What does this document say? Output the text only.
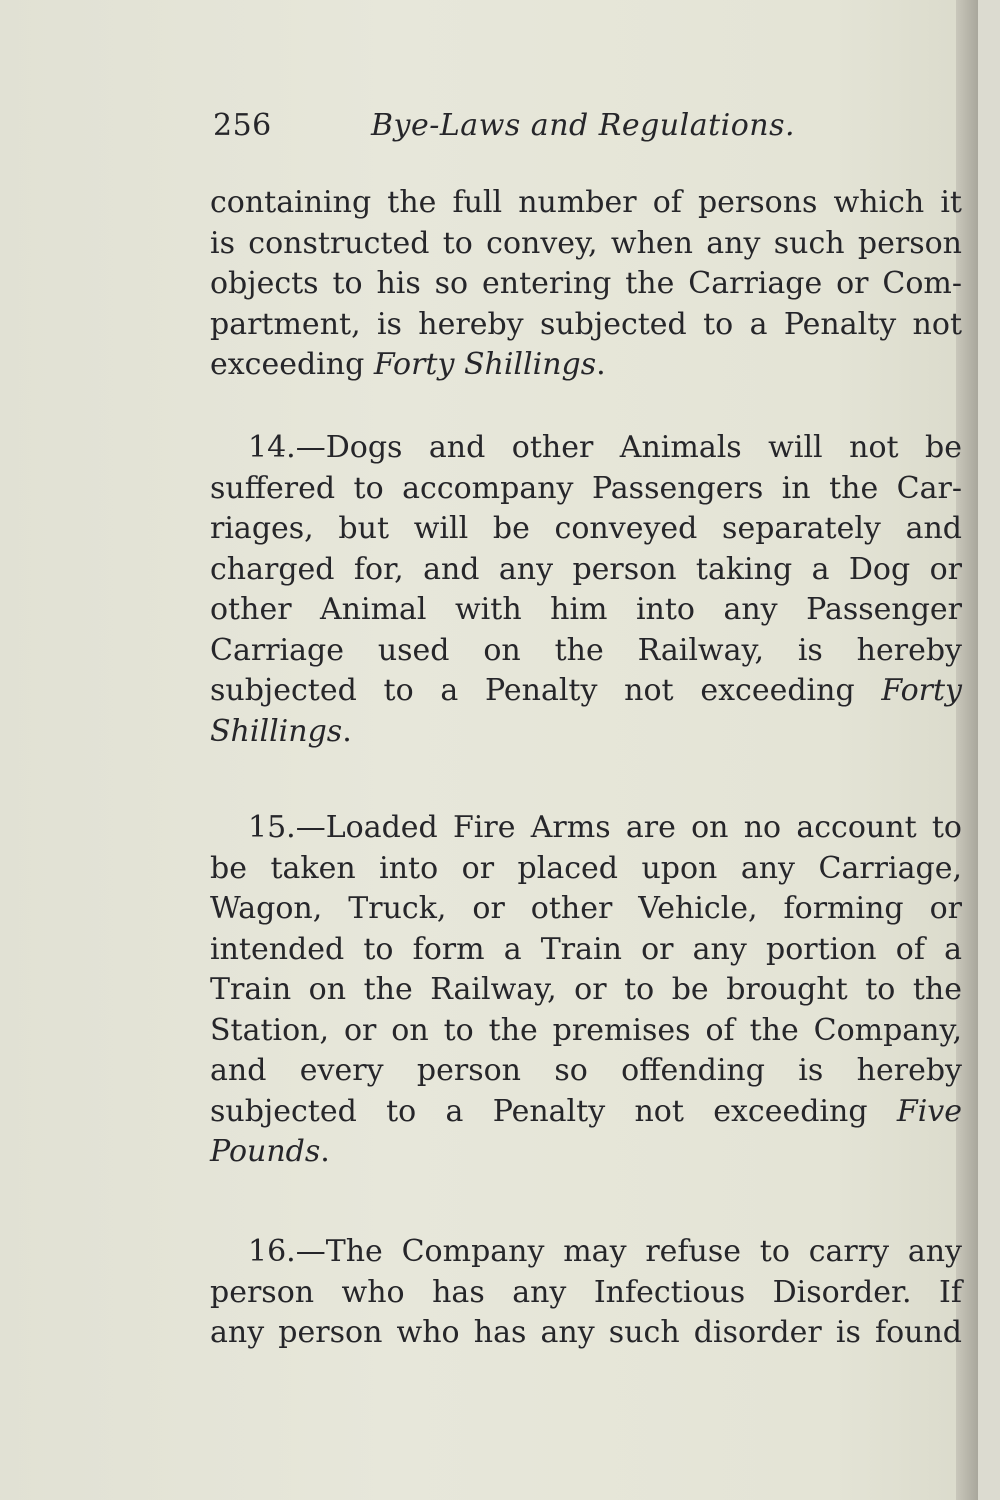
256	Bye-Laws and Regulations.
containing the full number of persons which it
is constructed to convey, when any such person
objects to his so entering the Carriage or Com-
partment, is hereby subjected to a Penalty not
exceeding Forty Shillings.
14.—Dogs and other Animals will not be
suffered to accompany Passengers in the Car-
riages, but will be conveyed separately and
charged for, and any person taking a Dog or
other Animal with him into any Passenger
Carriage used on the Railway, is hereby
subjected to a Penalty not exceeding Forty
Shillings.
15.—Loaded Fire Arms are on no account to
be taken into or placed upon any Carriage,
Wagon, Truck, or other Vehicle, forming or
intended to form a Train or any portion of a
Train on the Railway, or to be brought to the
Station, or on to the premises of the Company,
and every person so offending is hereby
subjected to a Penalty not exceeding Five
Pounds.
16.—The Company may refuse to carry any
person who has any Infectious Disorder. If
any person who has any such disorder is found
